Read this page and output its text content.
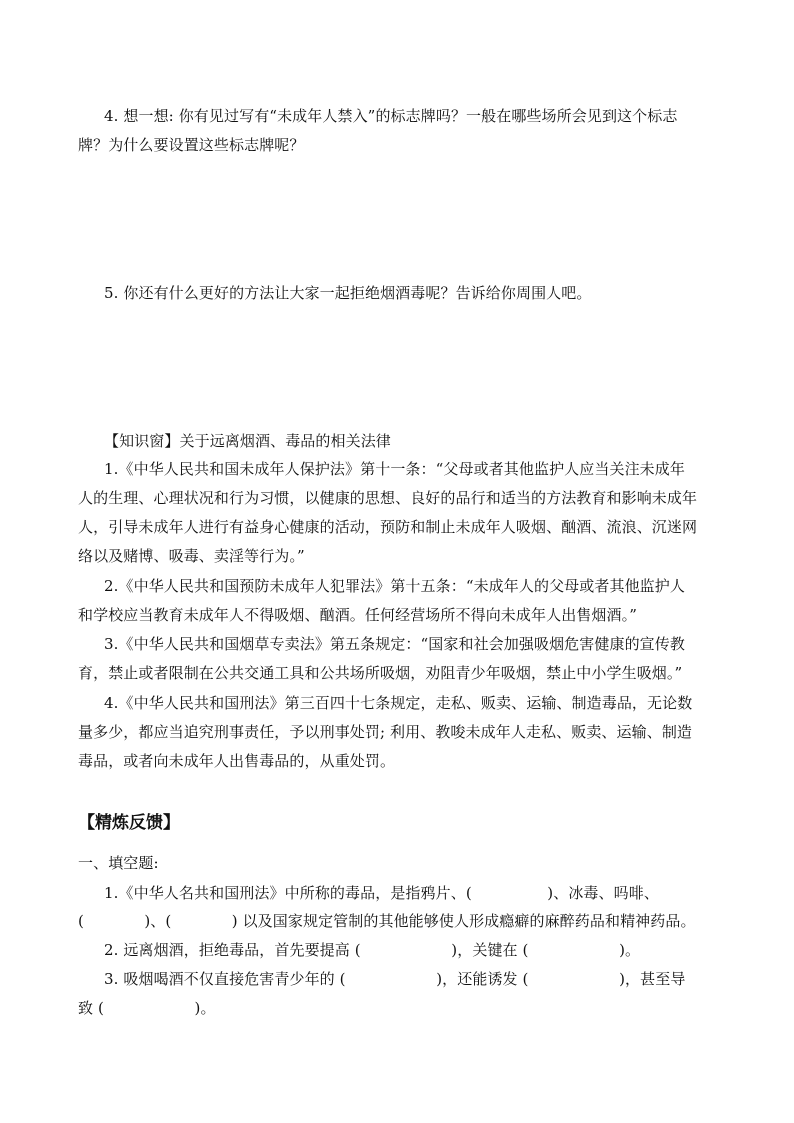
4. 想一想: 你有见过写有“未成年人禁入”的标志牌吗？一般在哪些场所会见到这个标志
牌？为什么要设置这些标志牌呢？
5. 你还有什么更好的方法让大家一起拒绝烟酒毒呢？告诉给你周围人吧。
【知识窗】关于远离烟酒、毒品的相关法律
1.《中华人民共和国未成年人保护法》第十一条：“父母或者其他监护人应当关注未成年
人的生理、心理状况和行为习惯，以健康的思想、良好的品行和适当的方法教育和影响未成年
人，引导未成年人进行有益身心健康的活动，预防和制止未成年人吸烟、酗酒、流浪、沉迷网
络以及赌博、吸毒、卖淫等行为。”
2.《中华人民共和国预防未成年人犯罪法》第十五条：“未成年人的父母或者其他监护人
和学校应当教育未成年人不得吸烟、酗酒。任何经营场所不得向未成年人出售烟酒。”
3.《中华人民共和国烟草专卖法》第五条规定：“国家和社会加强吸烟危害健康的宣传教
育，禁止或者限制在公共交通工具和公共场所吸烟，劝阻青少年吸烟，禁止中小学生吸烟。”
4.《中华人民共和国刑法》第三百四十七条规定，走私、贩卖、运输、制造毒品，无论数
量多少，都应当追究刑事责任，予以刑事处罚; 利用、教唆未成年人走私、贩卖、运输、制造
毒品，或者向未成年人出售毒品的，从重处罚。
【精炼反馈】
一、填空题:
1.《中华人名共和国刑法》中所称的毒品，是指鸦片、(　　　　　)、冰毒、吗啡、
(　　　　)、(　　　　) 以及国家规定管制的其他能够使人形成瘾癖的麻醉药品和精神药品。
2. 远离烟酒，拒绝毒品，首先要提高 (　　　　　　)，关键在 (　　　　　　)。
3. 吸烟喝酒不仅直接危害青少年的 (　　　　　　)，还能诱发 (　　　　　　)，甚至导
致 (　　　　　　)。
